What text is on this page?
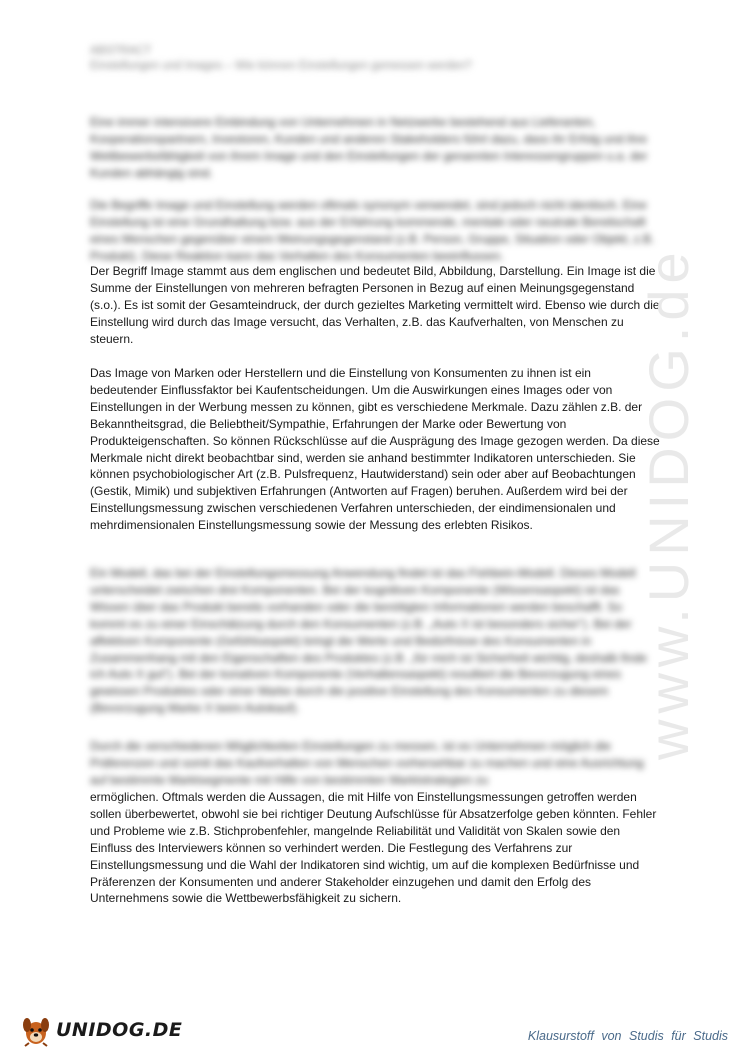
ABSTRACT
Einstellungen und Images – Wie können Einstellungen gemessen werden?
Eine immer intensivere Einbindung von Unternehmen in Netzwerke bestehend aus Lieferanten, Kooperationspartnern, Investoren, Kunden und anderen Stakeholders führt dazu, dass ihr Erfolg und ihre Wettbewerbsfähigkeit von ihrem Image und den Einstellungen der genannten Interessengruppen u.a. der Kunden abhängig sind.
Die Begriffe Image und Einstellung werden oftmals synonym verwendet, sind jedoch nicht identisch. Eine Einstellung ist eine Grundhaltung bzw. aus der Erfahrung kommende, mentale oder neutrale Bereitschaft eines Menschen gegenüber einem Meinungsgegenstand (z.B. Person, Gruppe, Situation oder Objekt, z.B. Produkt). Diese Reaktion kann das Verhalten des Konsumenten beeinflussen.
Der Begriff Image stammt aus dem englischen und bedeutet Bild, Abbildung, Darstellung. Ein Image ist die Summe der Einstellungen von mehreren befragten Personen in Bezug auf einen Meinungsgegenstand (s.o.). Es ist somit der Gesamteindruck, der durch gezieltes Marketing vermittelt wird. Ebenso wie durch die Einstellung wird durch das Image versucht, das Verhalten, z.B. das Kaufverhalten, von Menschen zu steuern.
Das Image von Marken oder Herstellern und die Einstellung von Konsumenten zu ihnen ist ein bedeutender Einflussfaktor bei Kaufentscheidungen. Um die Auswirkungen eines Images oder von Einstellungen in der Werbung messen zu können, gibt es verschiedene Merkmale. Dazu zählen z.B. der Bekanntheitsgrad, die Beliebtheit/Sympathie, Erfahrungen der Marke oder Bewertung von Produkteigenschaften. So können Rückschlüsse auf die Ausprägung des Image gezogen werden. Da diese Merkmale nicht direkt beobachtbar sind, werden sie anhand bestimmter Indikatoren unterschieden. Sie können psychobiologischer Art (z.B. Pulsfrequenz, Hautwiderstand) sein oder aber auf Beobachtungen (Gestik, Mimik) und subjektiven Erfahrungen (Antworten auf Fragen) beruhen. Außerdem wird bei der Einstellungsmessung zwischen verschiedenen Verfahren unterschieden, der eindimensionalen und mehrdimensionalen Einstellungsmessung sowie der Messung des erlebten Risikos.
Ein Modell, das bei der Einstellungsmessung Anwendung findet ist das Fishbein-Modell. Dieses Modell unterscheidet zwischen drei Komponenten. Bei der kognitiven Komponente (Wissensaspekt) ist das Wissen über das Produkt bereits vorhanden oder die benötigten Informationen werden beschafft. So kommt es zu einer Einschätzung durch den Konsumenten (z.B. „Auto X ist besonders sicher“). Bei der affektiven Komponente (Gefühlsaspekt) bringt die Werte und Bedürfnisse des Konsumenten in Zusammenhang mit den Eigenschaften des Produktes (z.B. „für mich ist Sicherheit wichtig, deshalb finde ich Auto X gut“). Bei der konativen Komponente (Verhaltensaspekt) resultiert die Bevorzugung eines gewissen Produktes oder einer Marke durch die positive Einstellung des Konsumenten zu diesem (Bevorzugung Marke X beim Autokauf).
Durch die verschiedenen Möglichkeiten Einstellungen zu messen, ist es Unternehmen möglich die Präferenzen und somit das Kaufverhalten von Menschen vorhersehbar zu machen und eine Ausrichtung auf bestimmte Marktsegmente mit Hilfe von bestimmten Marktstrategien zu
ermöglichen. Oftmals werden die Aussagen, die mit Hilfe von Einstellungsmessungen getroffen werden sollen überbewertet, obwohl sie bei richtiger Deutung Aufschlüsse für Absatzerfolge geben könnten. Fehler und Probleme wie z.B. Stichprobenfehler, mangelnde Reliabilität und Validität von Skalen sowie den Einfluss des Interviewers können so verhindert werden. Die Festlegung des Verfahrens zur Einstellungsmessung und die Wahl der Indikatoren sind wichtig, um auf die komplexen Bedürfnisse und Präferenzen der Konsumenten und anderer Stakeholder einzugehen und damit den Erfolg des Unternehmens sowie die Wettbewerbsfähigkeit zu sichern.
www.UNIDOG.de
UNIDOG.DE	Klausurstoff von Studis für Studis
